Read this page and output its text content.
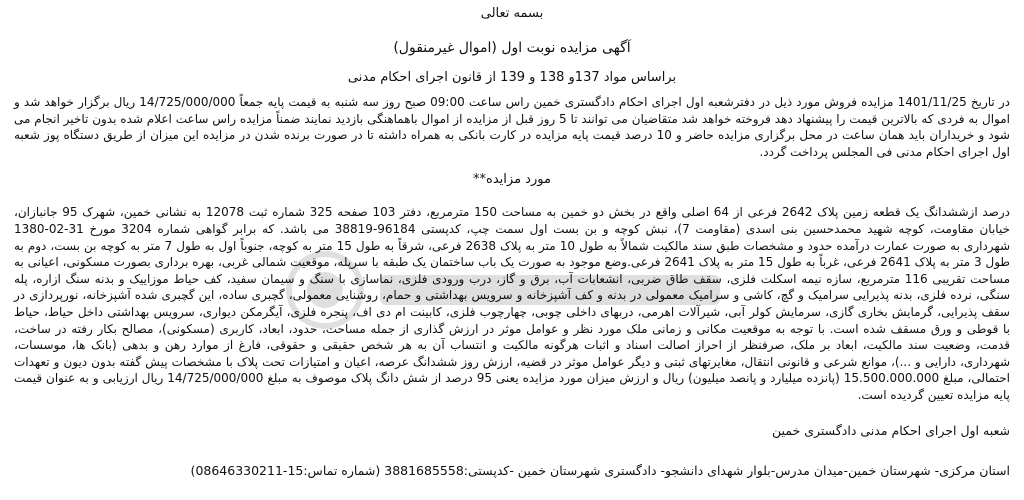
بسمه تعالی
آگهی مزایده نوبت اول (اموال غیرمنقول)
براساس مواد 137و 138 و 139 از قانون اجرای احکام مدنی

در تاریخ 1401/11/25 مزایده فروش مورد ذیل در دفترشعبه اول اجرای احکام دادگستری خمین راس ساعت 09:00 صبح روز سه شنبه به قیمت پایه جمعاً 14/725/000/000 ریال برگزار خواهد شد و اموال به فردی که بالاترین قیمت را پیشنهاد دهد فروخته خواهد شد متقاضیان می توانند تا 5 روز قبل از مزایده از اموال باهماهنگی بازدید نمایند ضمناً مزایده راس ساعت اعلام شده بدون تاخیر انجام می شود و خریداران باید همان ساعت در محل برگزاری مزایده حاضر و 10 درصد قیمت پایه مزایده در کارت بانکی به همراه داشته تا در صورت برنده شدن در مزایده این میزان از طریق دستگاه پوز شعبه اول اجرای احکام مدنی فی المجلس پرداخت گردد.

مورد مزایده**

درصد ازششدانگ یک قطعه زمین پلاک 2642 فرعی از 64 اصلی واقع در بخش دو خمین به مساحت 150 مترمربع، دفتر 103 صفحه 325 شماره ثبت 12078 به نشانی خمین، شهرک 95 جانبازان، خیابان مقاومت، کوچه شهید محمدحسین بنی اسدی (مقاومت 7)، نبش کوچه و بن بست اول سمت چپ، کدپستی 96184-38819 می باشد. که برابر گواهی شماره 3204 مورخ 31-02-1380 شهرداری به صورت عمارت درآمده حدود و مشخصات طبق سند مالکیت شمالاً به طول 10 متر به پلاک 2638 فرعی، شرقاً به طول 15 متر به کوچه، جنوباً اول به طول 7 متر به کوچه بن بست، دوم به طول 3 متر به پلاک 2641 فرعی، غرباً به طول 15 متر به پلاک 2641 فرعی.وضع موجود به صورت یک باب ساختمان یک طبقه با سرپله، موقعیت شمالی غربی، بهره برداری بصورت مسکونی، اعیانی به مساحت تقریبی 116 مترمربع، سازه نیمه اسکلت فلزی، سقف طاق ضربی، انشعابات آب، برق و گاز، درب ورودی فلزی، نماسازی با سنگ و سیمان سفید، کف حیاط موزاییک و بدنه سنگ ازاره، پله سنگی، نرده فلزی، بدنه پذیرایی سرامیک و گچ، کاشی و سرامیک معمولی در بدنه و کف آشپزخانه و سرویس بهداشتی و حمام، روشنایی معمولی، گچبری ساده، این گچبری شده آشپزخانه، نورپردازی در سقف پذیرایی، گرمایش بخاری گازی، سرمایش کولر آبی، شیرآلات اهرمی، دربهای داخلی چوبی، چهارچوب فلزی، کابینت ام دی اف، پنجره فلزی، آیگرمکن دیواری، سرویس بهداشتی داخل حیاط، حیاط با قوطی و ورق مسقف شده است. با توجه به موقعیت مکانی و زمانی ملک مورد نظر و عوامل موثر در ارزش گذاری از جمله مساحت، حدود، ابعاد، کاربری (مسکونی)، مصالح بکار رفته در ساخت، قدمت، وضعیت سند مالکیت، ابعاد بر ملک، صرفنظر از احراز اصالت اسناد و اثبات هرگونه مالکیت و انتساب آن به هر شخص حقیقی و حقوقی، فارغ از موارد رهن و بدهی (بانک ها، موسسات، شهرداری، دارایی و ...)، موانع شرعی و قانونی انتقال، مغایرتهای ثبتی و دیگر عوامل موثر در قضیه، ارزش روز ششدانگ عرصه، اعیان و امتیازات تحت پلاک با مشخصات پیش گفته بدون دیون و تعهدات احتمالی، مبلغ 15.500.000.000 (پانزده میلیارد و پانصد میلیون) ریال و ارزش میزان مورد مزایده یعنی 95 درصد از شش دانگ پلاک موصوف به مبلغ 14/725/000/000 ریال ارزیابی و به عنوان قیمت پایه مزایده تعیین گردیده است.

شعبه اول اجرای احکام مدنی دادگستری خمین
استان مرکزی- شهرستان خمین-میدان مدرس-بلوار شهدای دانشجو- دادگستری شهرستان خمین -کدپستی:3881685558 (شماره تماس:15-08646330211)
